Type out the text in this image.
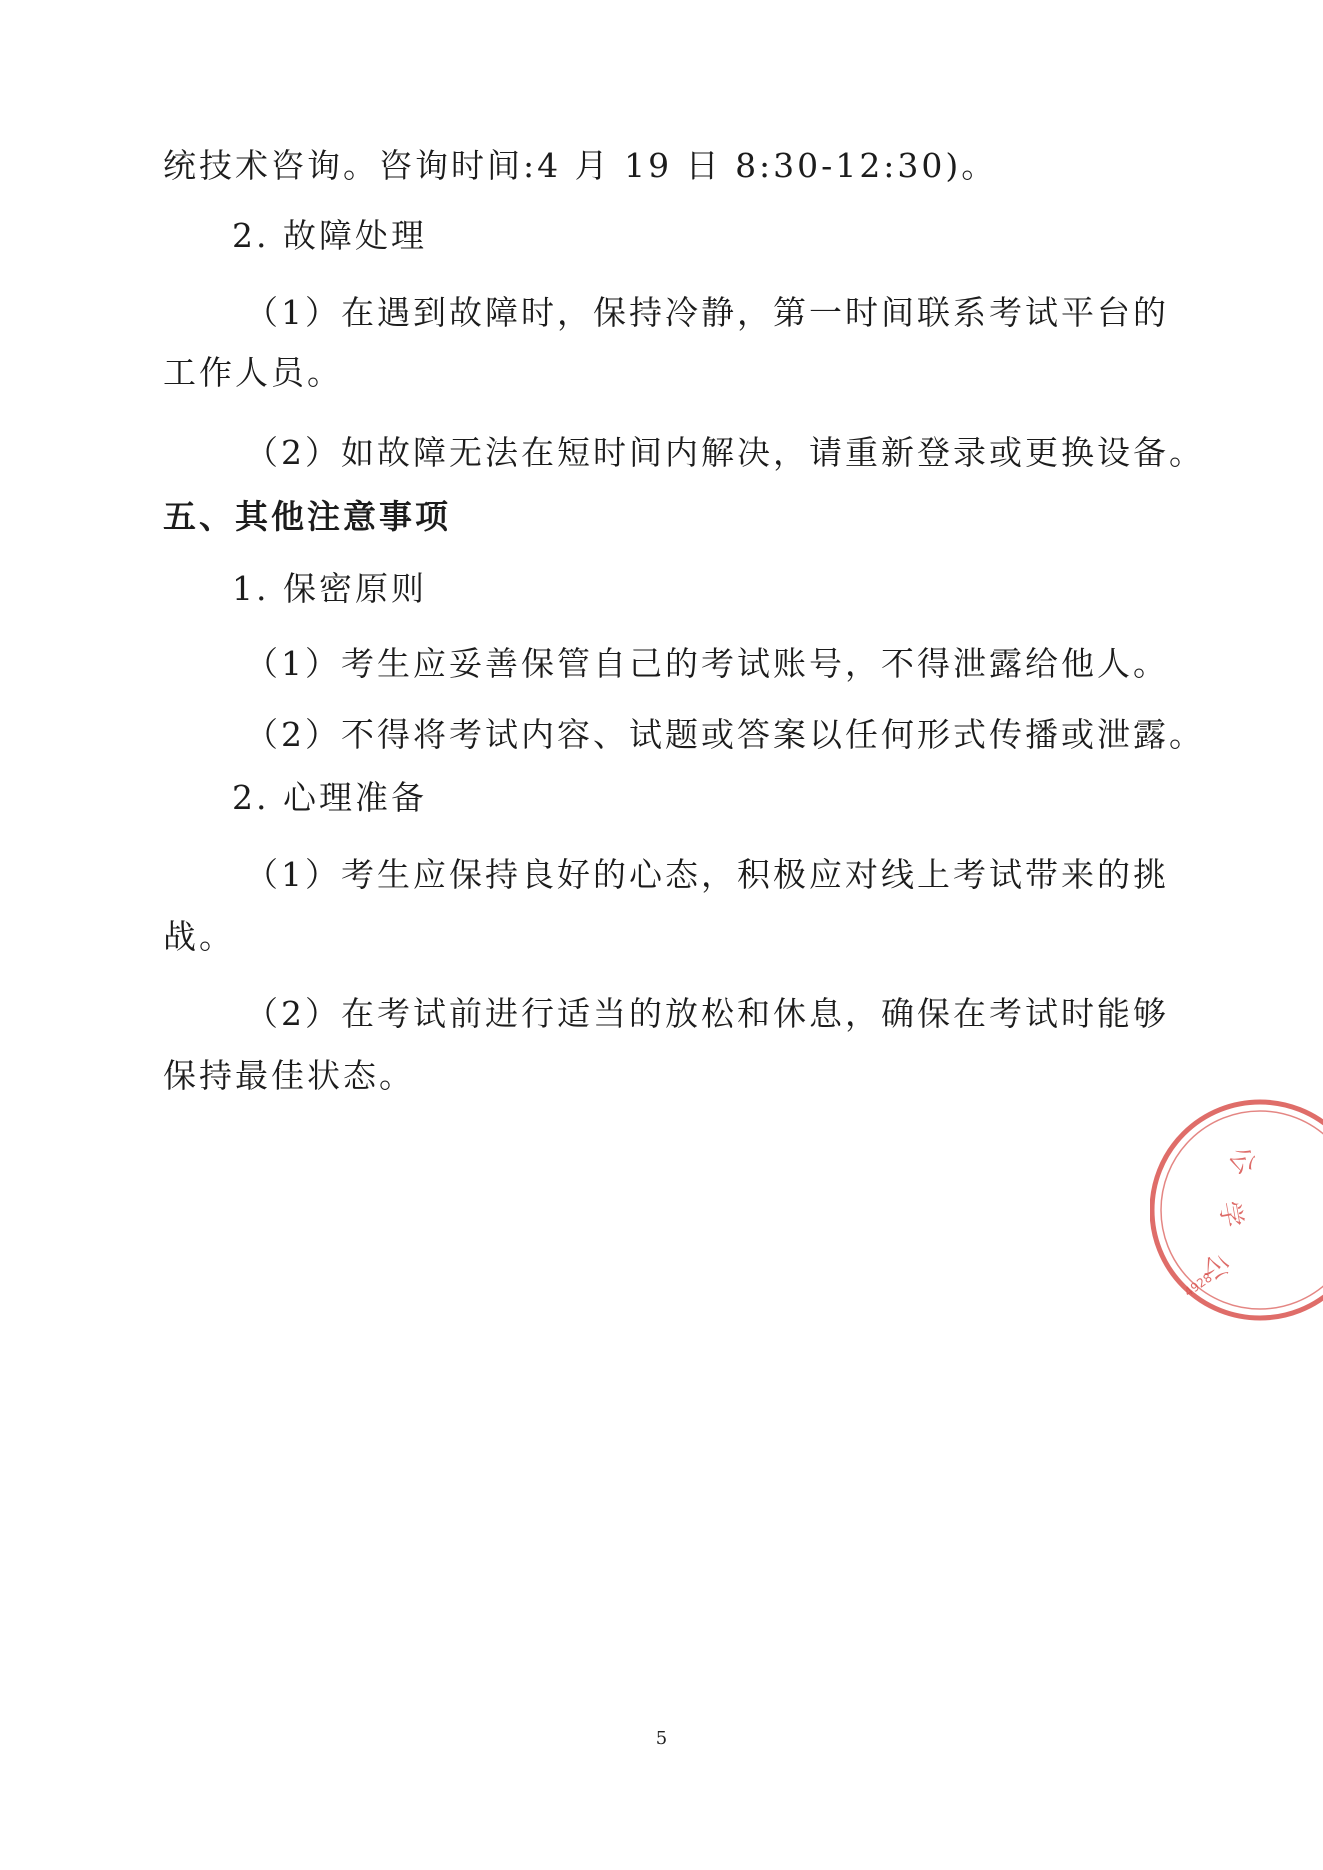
统技术咨询。咨询时间:4 月 19 日 8:30-12:30)。
2. 故障处理
（1）在遇到故障时，保持冷静，第一时间联系考试平台的
工作人员。
（2）如故障无法在短时间内解决，请重新登录或更换设备。
五、其他注意事项
1. 保密原则
（1）考生应妥善保管自己的考试账号，不得泄露给他人。
（2）不得将考试内容、试题或答案以任何形式传播或泄露。
2. 心理准备
（1）考生应保持良好的心态，积极应对线上考试带来的挑
战。
（2）在考试前进行适当的放松和休息，确保在考试时能够
保持最佳状态。
公
学
公
4928
5
